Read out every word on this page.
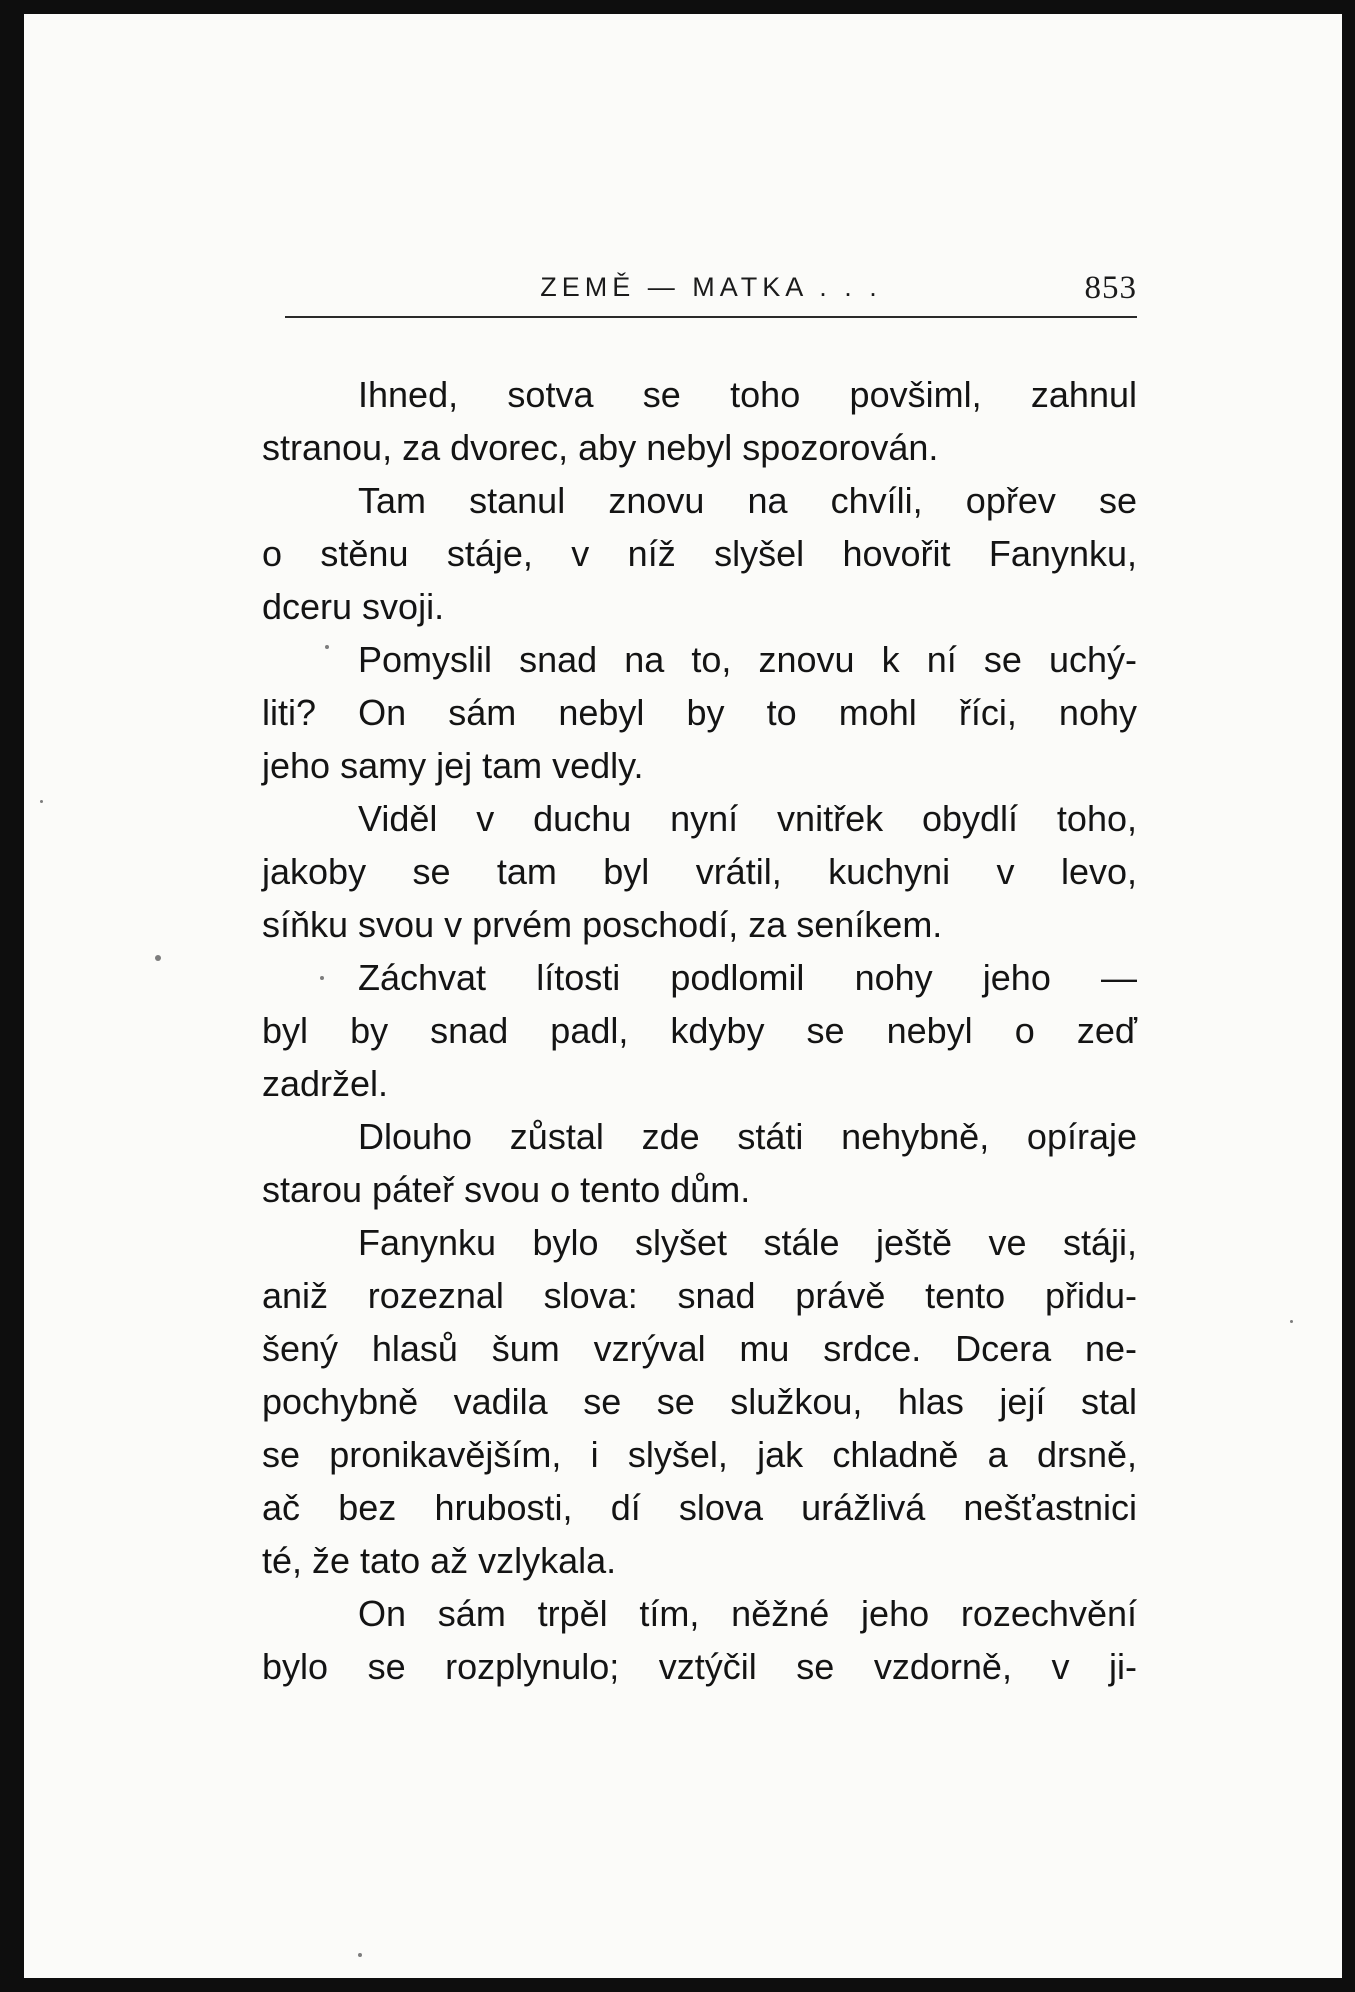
ZEMĚ — MATKA . . .	853
Ihned, sotva se toho povšiml, zahnul
stranou, za dvorec, aby nebyl spozorován.
Tam stanul znovu na chvíli, opřev se
o stěnu stáje, v níž slyšel hovořit Fanynku,
dceru svoji.
Pomyslil snad na to, znovu k ní se uchý-
liti? On sám nebyl by to mohl říci, nohy
jeho samy jej tam vedly.
Viděl v duchu nyní vnitřek obydlí toho,
jakoby se tam byl vrátil, kuchyni v levo,
síňku svou v prvém poschodí, za seníkem.
Záchvat lítosti podlomil nohy jeho —
byl by snad padl, kdyby se nebyl o zeď
zadržel.
Dlouho zůstal zde státi nehybně, opíraje
starou páteř svou o tento dům.
Fanynku bylo slyšet stále ještě ve stáji,
aniž rozeznal slova: snad právě tento přidu-
šený hlasů šum vzrýval mu srdce. Dcera ne-
pochybně vadila se se služkou, hlas její stal
se pronikavějším, i slyšel, jak chladně a drsně,
ač bez hrubosti, dí slova urážlivá nešťastnici
té, že tato až vzlykala.
On sám trpěl tím, něžné jeho rozechvění
bylo se rozplynulo; vztýčil se vzdorně, v ji-
